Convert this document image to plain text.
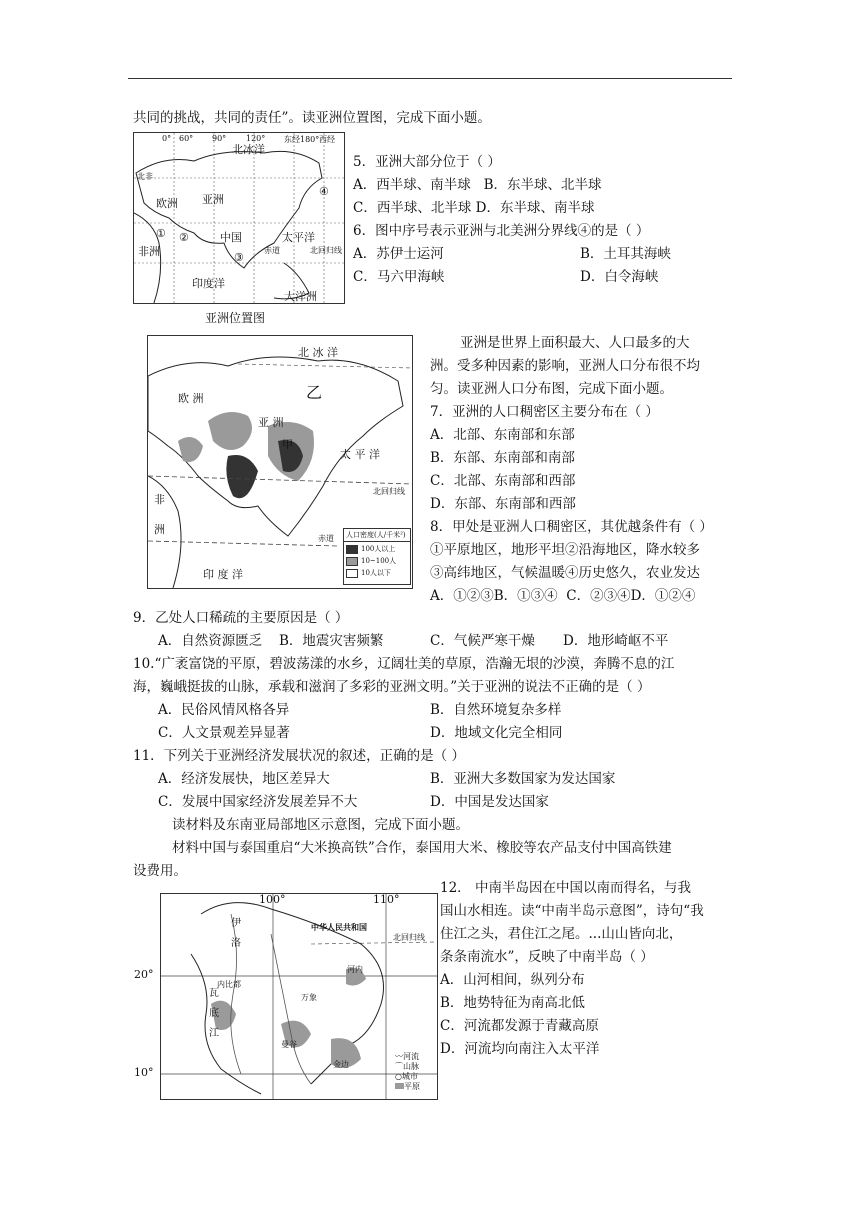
共同的挑战，共同的责任”。读亚洲位置图，完成下面小题。
0° 60° 90° 120° 东经180° 西经
北冰洋
北非
欧洲 亚洲
④
① ②	中国	太平洋
北回归线
非洲	③
赤道
印度洋
大洋洲
亚洲位置图
5．亚洲大部分位于（ ）
A．西半球、南半球 B．东半球、北半球
C．西半球、北半球 D．东半球、南半球
6．图中序号表示亚洲与北美洲分界线④的是（ ）
A．苏伊士运河	B．土耳其海峡
C．马六甲海峡	D．白令海峡
北 冰 洋
欧 洲	乙
亚 洲
甲
太 平 洋
北回归线
非
洲
赤道
印 度 洋
人口密度(人/千米²)
100人以上
10~100人
10人以下
亚洲是世界上面积最大、人口最多的大
洲。受多种因素的影响，亚洲人口分布很不均
匀。读亚洲人口分布图，完成下面小题。
7．亚洲的人口稠密区主要分布在（ ）
A．北部、东南部和东部
B．东部、东南部和南部
C．北部、东南部和西部
D．东部、东南部和西部
8．甲处是亚洲人口稠密区，其优越条件有（ ）
①平原地区，地形平坦②沿海地区，降水较多
③高纬地区，气候温暖④历史悠久，农业发达
A．①②③B．①③④ C．②③④D．①②④
9．乙处人口稀疏的主要原因是（ ）
A．自然资源匮乏 B．地震灾害频繁	C．气候严寒干燥 D．地形崎岖不平
10.“广袤富饶的平原，碧波荡漾的水乡，辽阔壮美的草原，浩瀚无垠的沙漠，奔腾不息的江
海，巍峨挺拔的山脉，承载和滋润了多彩的亚洲文明。”关于亚洲的说法不正确的是（ ）
A．民俗风情风格各异	B．自然环境复杂多样
C．人文景观差异显著	D．地域文化完全相同
11．下列关于亚洲经济发展状况的叙述，正确的是（ ）
A．经济发展快，地区差异大	B．亚洲大多数国家为发达国家
C．发展中国家经济发展差异不大	D．中国是发达国家
读材料及东南亚局部地区示意图，完成下面小题。
材料中国与泰国重启“大米换高铁”合作，泰国用大米、橡胶等农产品支付中国高铁建
设费用。
100°	110°
中华人民共和国
北回归线
伊
洛
瓦
底
江
内比都
河内
万象
曼谷
金边
〰河流
⌒山脉
○城市
平原
20°
10°
12． 中南半岛因在中国以南而得名，与我
国山水相连。读“中南半岛示意图”，诗句“我
住江之头，君住江之尾。...山山皆向北，
条条南流水”，反映了中南半岛（ ）
A．山河相间，纵列分布
B．地势特征为南高北低
C．河流都发源于青藏高原
D．河流均向南注入太平洋
